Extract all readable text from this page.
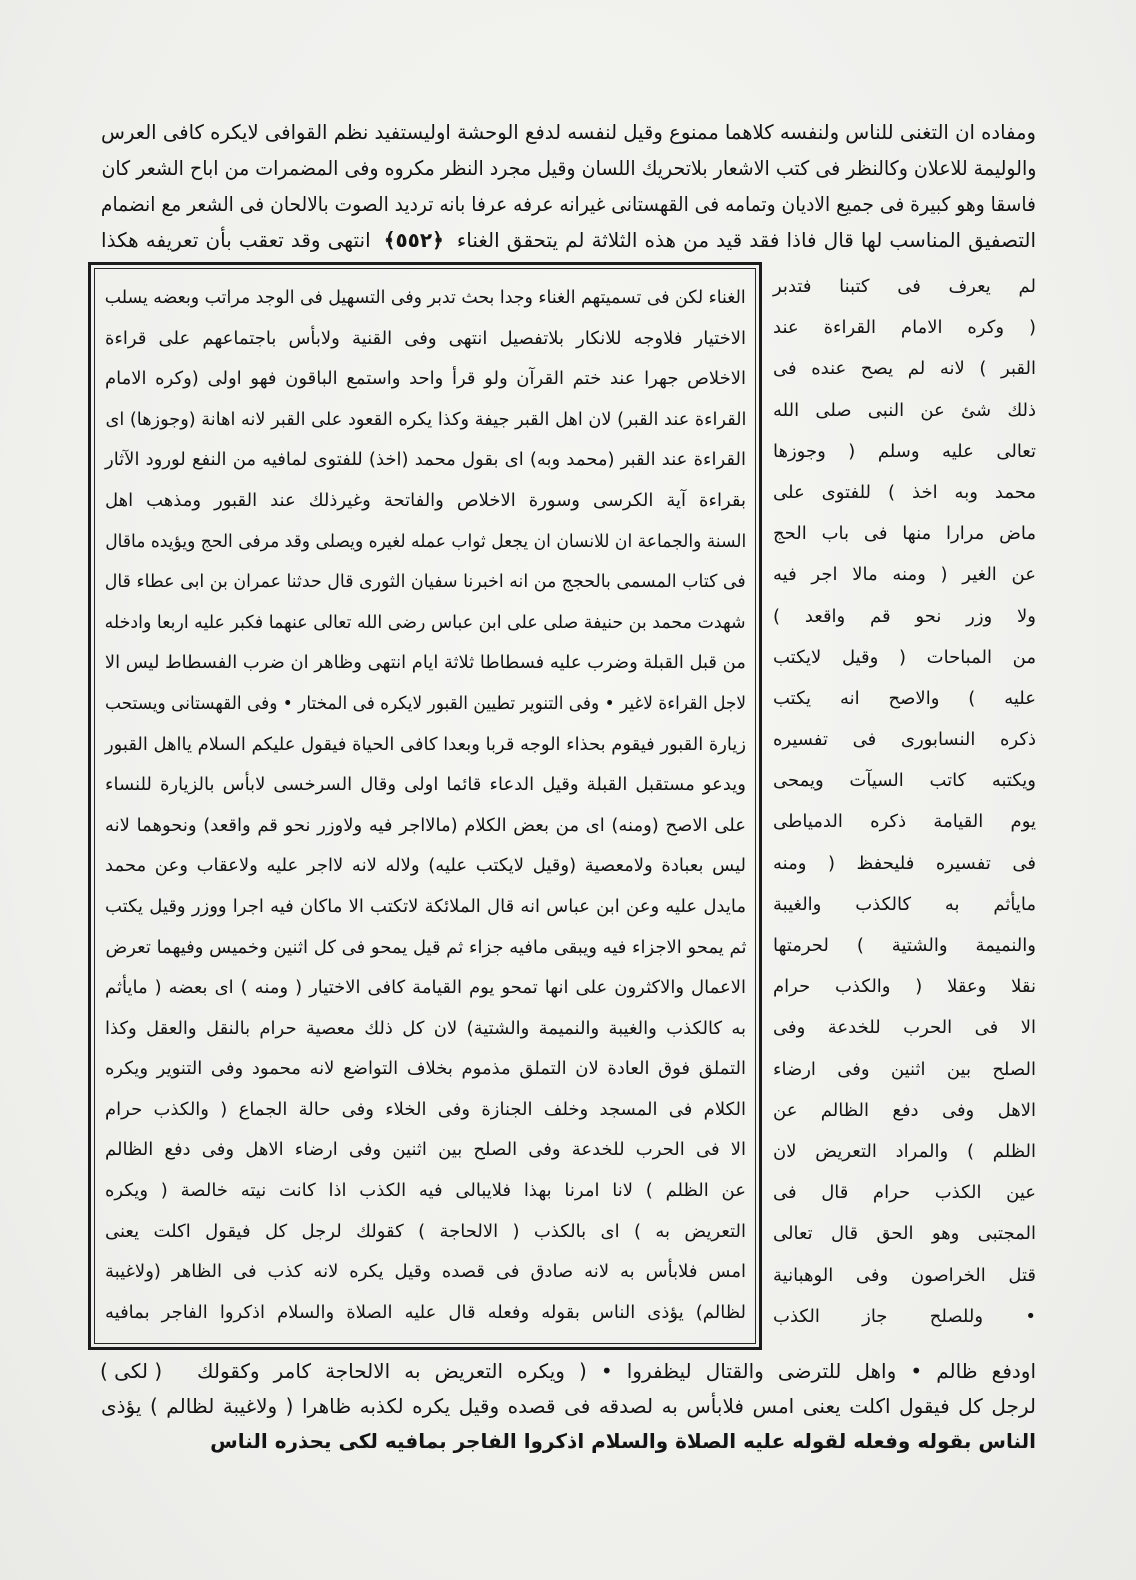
ومفاده ان التغنى للناس ولنفسه كلاهما ممنوع وقيل لنفسه لدفع الوحشة اوليستفيد نظم القوافى لايكره كافى العرس
والوليمة للاعلان وكالنظر فى كتب الاشعار بلاتحريك اللسان وقيل مجرد النظر مكروه وفى المضمرات من اباح الشعر كان
فاسقا وهو كبيرة فى جميع الاديان وتمامه فى القهستانى غيرانه عرفه عرفا بانه ترديد الصوت بالالحان فى الشعر مع انضمام
التصفيق المناسب لها قال فاذا فقد قيد من هذه الثلاثة لم يتحقق الغناء ﴿٥٥٢﴾ انتهى وقد تعقب بأن تعريفه هكذا
الغناء لكن فى تسميتهم الغناء وجدا بحث تدبر وفى التسهيل فى الوجد مراتب وبعضه يسلب
الاختيار فلاوجه للانكار بلاتفصيل انتهى وفى القنية ولابأس باجتماعهم على قراءة
الاخلاص جهرا عند ختم القرآن ولو قرأ واحد واستمع الباقون فهو اولى (وكره الامام
القراءة عند القبر) لان اهل القبر جيفة وكذا يكره القعود على القبر لانه اهانة (وجوزها) اى
القراءة عند القبر (محمد وبه) اى بقول محمد (اخذ) للفتوى لمافيه من النفع لورود الآثار
بقراءة آية الكرسى وسورة الاخلاص والفاتحة وغيرذلك عند القبور ومذهب اهل
السنة والجماعة ان للانسان ان يجعل ثواب عمله لغيره ويصلى وقد مرفى الحج ويؤيده ماقال
فى كتاب المسمى بالحجج من انه اخبرنا سفيان الثورى قال حدثنا عمران بن ابى عطاء قال
شهدت محمد بن حنيفة صلى على ابن عباس رضى الله تعالى عنهما فكبر عليه اربعا وادخله
من قبل القبلة وضرب عليه فسطاطا ثلاثة ايام انتهى وظاهر ان ضرب الفسطاط ليس الا
لاجل القراءة لاغير • وفى التنوير تطيين القبور لايكره فى المختار • وفى القهستانى ويستحب
زيارة القبور فيقوم بحذاء الوجه قربا وبعدا كافى الحياة فيقول عليكم السلام يااهل القبور
ويدعو مستقبل القبلة وقيل الدعاء قائما اولى وقال السرخسى لابأس بالزيارة للنساء
على الاصح (ومنه) اى من بعض الكلام (مالااجر فيه ولاوزر نحو قم واقعد) ونحوهما لانه
ليس بعبادة ولامعصية (وقيل لايكتب عليه) ولاله لانه لااجر عليه ولاعقاب وعن محمد
مايدل عليه وعن ابن عباس انه قال الملائكة لاتكتب الا ماكان فيه اجرا ووزر وقيل يكتب
ثم يمحو الاجزاء فيه ويبقى مافيه جزاء ثم قيل يمحو فى كل اثنين وخميس وفيهما تعرض
الاعمال والاكثرون على انها تمحو يوم القيامة كافى الاختيار ( ومنه ) اى بعضه ( مايأثم
به كالكذب والغيبة والنميمة والشتية) لان كل ذلك معصية حرام بالنقل والعقل وكذا
التملق فوق العادة لان التملق مذموم بخلاف التواضع لانه محمود وفى التنوير ويكره
الكلام فى المسجد وخلف الجنازة وفى الخلاء وفى حالة الجماع ( والكذب حرام
الا فى الحرب للخدعة وفى الصلح بين اثنين وفى ارضاء الاهل وفى دفع الظالم
عن الظلم ) لانا امرنا بهذا فلايبالى فيه الكذب اذا كانت نيته خالصة ( ويكره
التعريض به ) اى بالكذب ( الالحاجة ) كقولك لرجل كل فيقول اكلت يعنى
امس فلابأس به لانه صادق فى قصده وقيل يكره لانه كذب فى الظاهر (ولاغيبة
لظالم) يؤذى الناس بقوله وفعله قال عليه الصلاة والسلام اذكروا الفاجر بمافيه
لم يعرف فى كتبنا فتدبر
( وكره الامام القراءة عند
القبر ) لانه لم يصح عنده فى
ذلك شئ عن النبى صلى الله
تعالى عليه وسلم ( وجوزها
محمد وبه اخذ ) للفتوى على
ماض مرارا منها فى باب الحج
عن الغير ( ومنه مالا اجر فيه
ولا وزر نحو قم واقعد )
من المباحات ( وقيل لايكتب
عليه ) والاصح انه يكتب
ذكره النسابورى فى تفسيره
ويكتبه كاتب السيآت ويمحى
يوم القيامة ذكره الدمياطى
فى تفسيره فليحفظ ( ومنه
مايأثم به كالكذب والغيبة
والنميمة والشتية ) لحرمتها
نقلا وعقلا ( والكذب حرام
الا فى الحرب للخدعة وفى
الصلح بين اثنين وفى ارضاء
الاهل وفى دفع الظالم عن
الظلم ) والمراد التعريض لان
عين الكذب حرام قال فى
المجتبى وهو الحق قال تعالى
قتل الخراصون وفى الوهبانية
• وللصلح جاز الكذب
اودفع ظالم • واهل للترضى والقتال ليظفروا • ( ويكره التعريض به الالحاجة كامر وكقولك
( لكى )
لرجل كل فيقول اكلت يعنى امس فلابأس به لصدقه فى قصده وقيل يكره لكذبه ظاهرا ( ولاغيبة لظالم ) يؤذى
الناس بقوله وفعله لقوله عليه الصلاة والسلام اذكروا الفاجر بمافيه لكى يحذره الناس
